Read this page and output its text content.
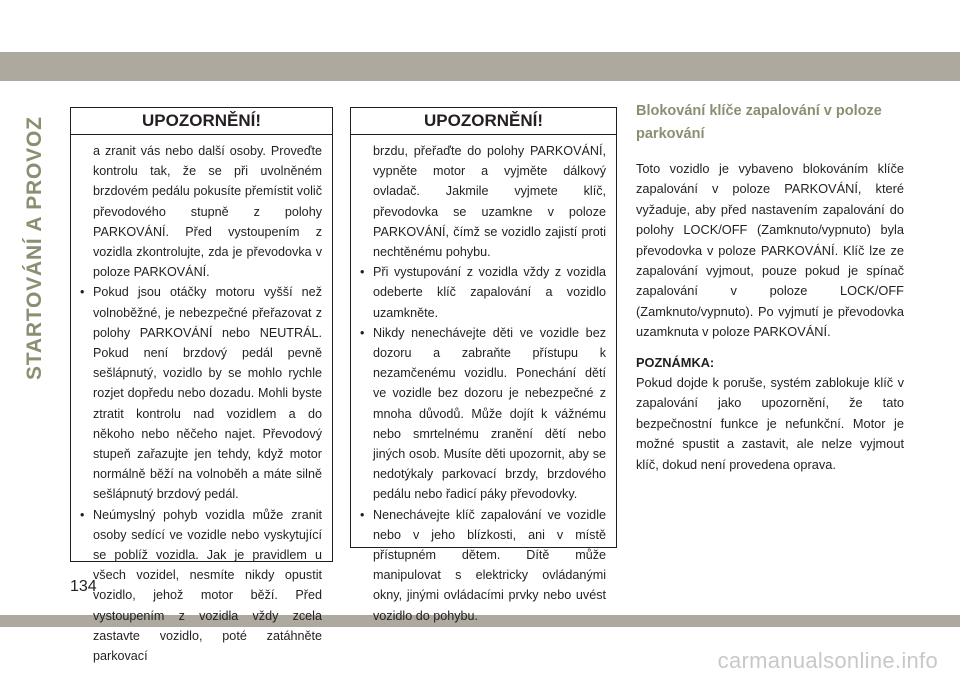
STARTOVÁNÍ A PROVOZ	UPOZORNĚNÍ!

a zranit vás nebo další osoby. Proveďte kontrolu tak, že se při uvolněném brzdovém pedálu pokusíte přemístit volič převodového stupně z polohy PARKOVÁNÍ. Před vystoupením z vozidla zkontrolujte, zda je převodovka v poloze PARKOVÁNÍ.

• Pokud jsou otáčky motoru vyšší než volnoběžné, je nebezpečné přeřazovat z polohy PARKOVÁNÍ nebo NEUTRÁL. Pokud není brzdový pedál pevně sešlápnutý, vozidlo by se mohlo rychle rozjet dopředu nebo dozadu. Mohli byste ztratit kontrolu nad vozidlem a do někoho nebo něčeho najet. Převodový stupeň zařazujte jen tehdy, když motor normálně běží na volnoběh a máte silně sešlápnutý brzdový pedál.
• Neúmyslný pohyb vozidla může zranit osoby sedící ve vozidle nebo vyskytující se poblíž vozidla. Jak je pravidlem u všech vozidel, nesmíte nikdy opustit vozidlo, jehož motor běží. Před vystoupením z vozidla vždy zcela zastavte vozidlo, poté zatáhněte parkovací
UPOZORNĚNÍ!

brzdu, přeřaďte do polohy PARKOVÁNÍ, vypněte motor a vyjměte dálkový ovladač. Jakmile vyjmete klíč, převodovka se uzamkne v poloze PARKOVÁNÍ, čímž se vozidlo zajistí proti nechtěnému pohybu.

• Při vystupování z vozidla vždy z vozidla odeberte klíč zapalování a vozidlo uzamkněte.
• Nikdy nenechávejte děti ve vozidle bez dozoru a zabraňte přístupu k nezamčenému vozidlu. Ponechání dětí ve vozidle bez dozoru je nebezpečné z mnoha důvodů. Může dojít k vážnému nebo smrtelnému zranění dětí nebo jiných osob. Musíte děti upozornit, aby se nedotýkaly parkovací brzdy, brzdového pedálu nebo řadicí páky převodovky.
• Nenechávejte klíč zapalování ve vozidle nebo v jeho blízkosti, ani v místě přístupném dětem. Dítě může manipulovat s elektricky ovládanými okny, jinými ovládacími prvky nebo uvést vozidlo do pohybu.
Blokování klíče zapalování v poloze parkování

Toto vozidlo je vybaveno blokováním klíče zapalování v poloze PARKOVÁNÍ, které vyžaduje, aby před nastavením zapalování do polohy LOCK/OFF (Zamknuto/vypnuto) byla převodovka v poloze PARKOVÁNÍ. Klíč lze ze zapalování vyjmout, pouze pokud je spínač zapalování v poloze LOCK/OFF (Zamknuto/vypnuto). Po vyjmutí je převodovka uzamknuta v poloze PARKOVÁNÍ.

POZNÁMKA:

Pokud dojde k poruše, systém zablokuje klíč v zapalování jako upozornění, že tato bezpečnostní funkce je nefunkční. Motor je možné spustit a zastavit, ale nelze vyjmout klíč, dokud není provedena oprava.

134
carmanualsonline.info
